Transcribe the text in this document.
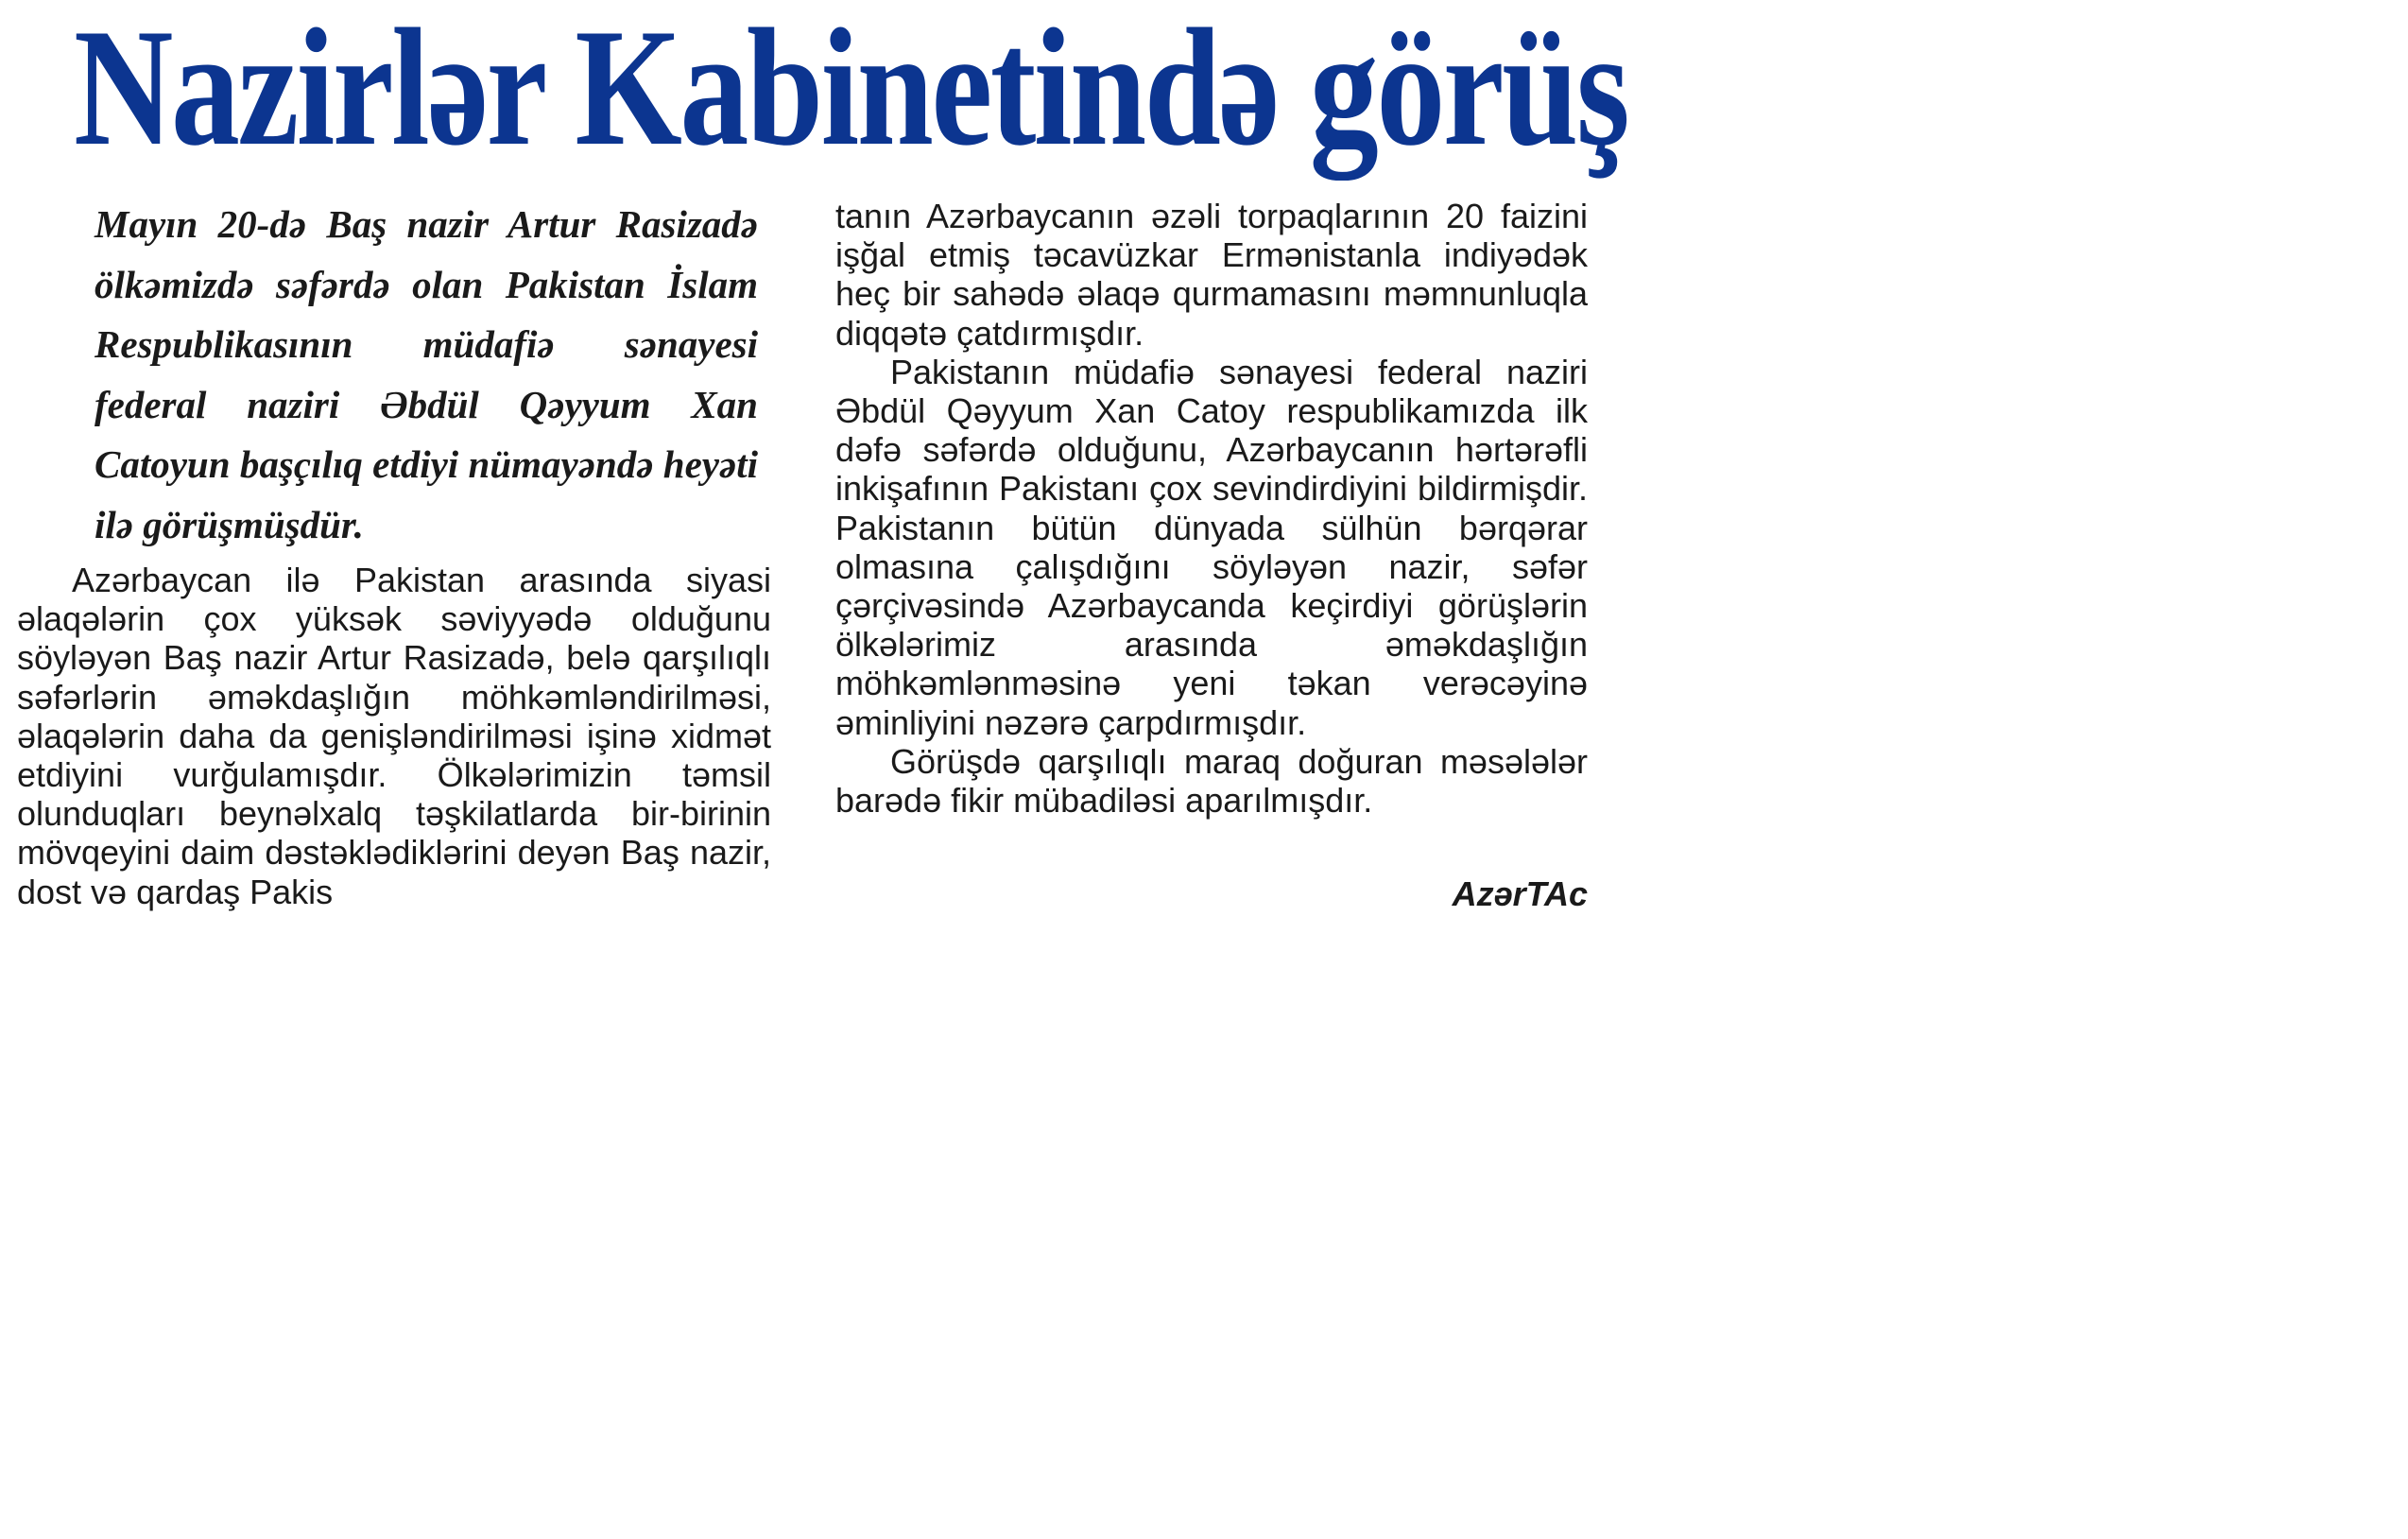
Nazirlər Kabinetində görüş

Mayın 20-də Baş nazir Artur Rasizadə ölkəmizdə səfərdə olan Pakistan İslam Respublikasının müdafiə sənayesi federal naziri Əbdül Qəyyum Xan Catoyun başçılıq etdiyi nümayəndə heyəti ilə görüşmüşdür.

Azərbaycan ilə Pakistan arasında siyasi əlaqələrin çox yüksək səviyyədə olduğunu söyləyən Baş nazir Artur Rasizadə, belə qarşılıqlı səfərlərin əməkdaşlığın möhkəmləndirilməsi, əlaqələrin daha da genişləndirilməsi işinə xidmət etdiyini vurğulamışdır. Ölkələrimizin təmsil olunduqları beynəlxalq təşkilatlarda bir-birinin mövqeyini daim dəstəklədiklərini deyən Baş nazir, dost və qardaş Pakis

tanın Azərbaycanın əzəli torpaqlarının 20 faizini işğal etmiş təcavüzkar Ermənistanla indiyədək heç bir sahədə əlaqə qurmamasını məmnunluqla diqqətə çatdırmışdır.

Pakistanın müdafiə sənayesi federal naziri Əbdül Qəyyum Xan Catoy respublikamızda ilk dəfə səfərdə olduğunu, Azərbaycanın hərtərəfli inkişafının Pakistanı çox sevindirdiyini bildirmişdir. Pakistanın bütün dünyada sülhün bərqərar olmasına çalışdığını söyləyən nazir, səfər çərçivəsində Azərbaycanda keçirdiyi görüşlərin ölkələrimiz arasında əməkdaşlığın möhkəmlənməsinə yeni təkan verəcəyinə əminliyini nəzərə çarpdırmışdır.

Görüşdə qarşılıqlı maraq doğuran məsələlər barədə fikir mübadiləsi aparılmışdır.

AzərTAc
